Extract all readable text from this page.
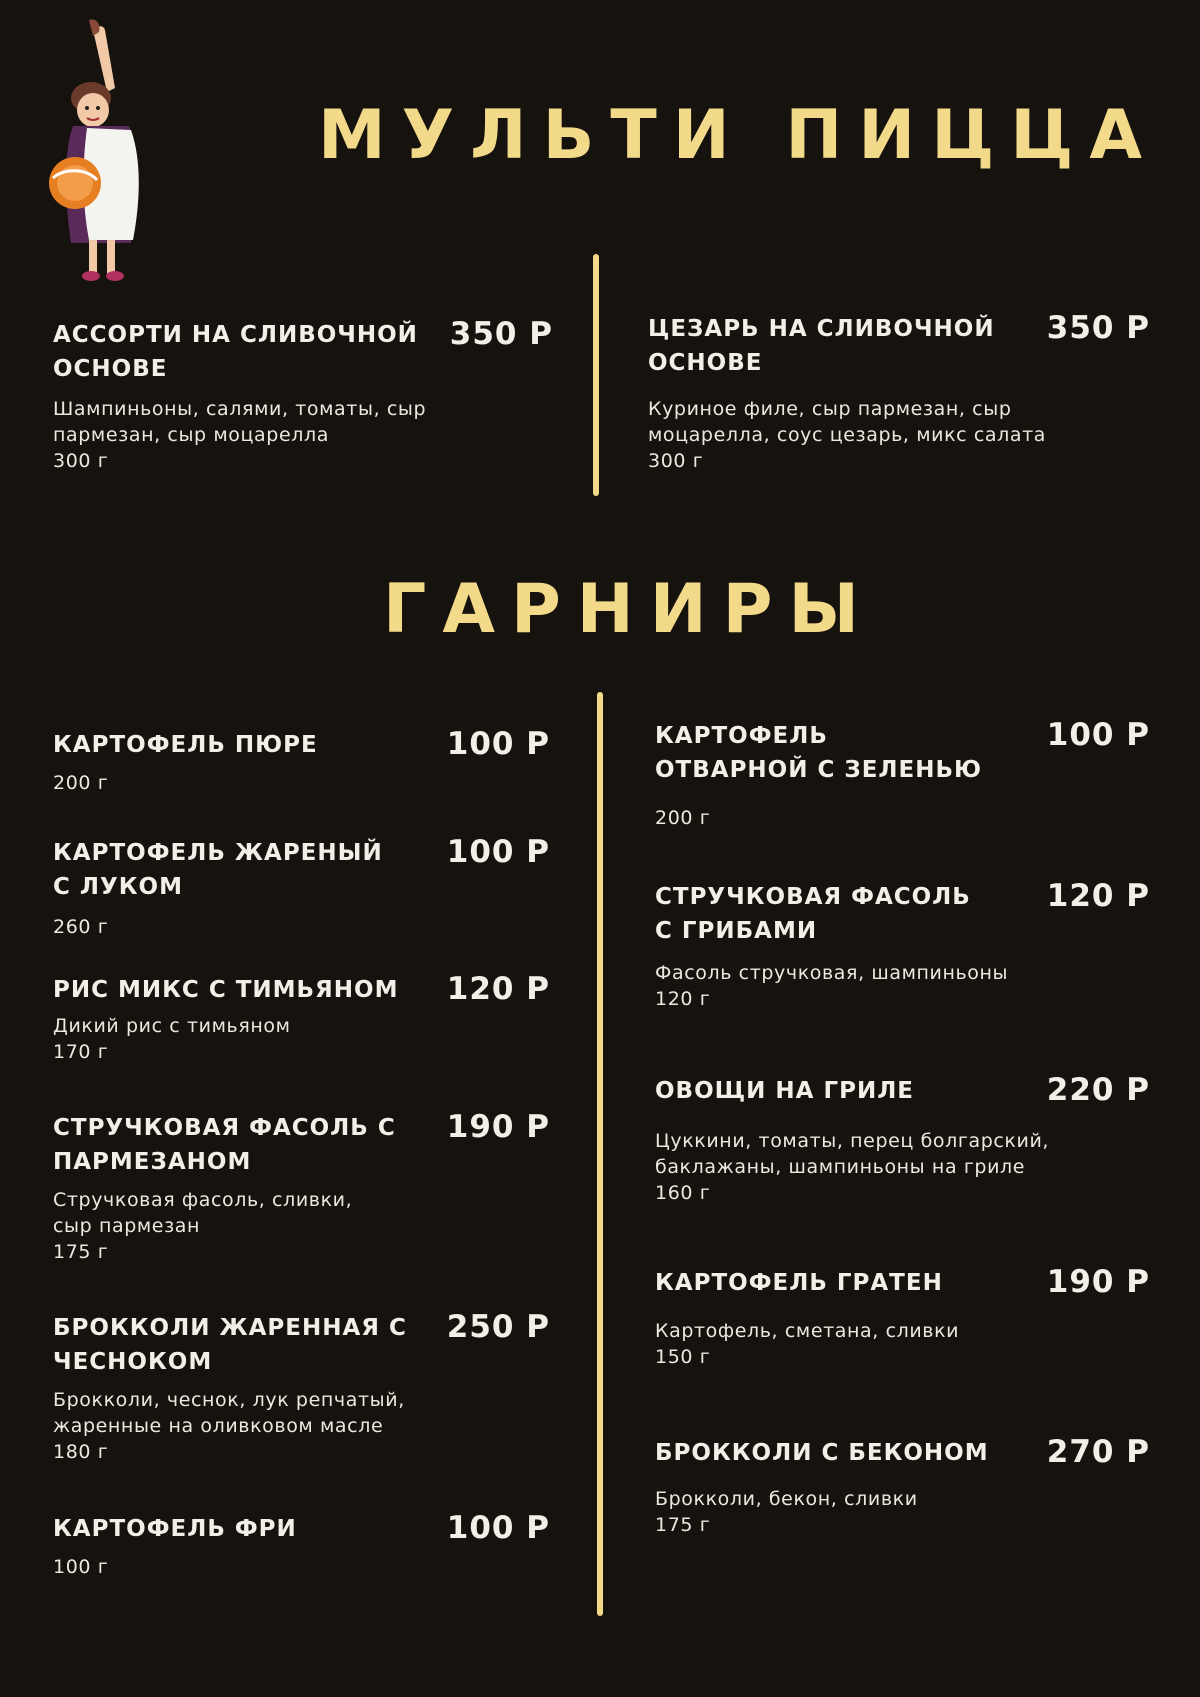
МУЛЬТИ ПИЦЦА

АССОРТИ НА СЛИВОЧНОЙ ОСНОВЕ

350 Р

Шампиньоны, салями, томаты, сыр пармезан, сыр моцарелла

300 г

ЦЕЗАРЬ НА СЛИВОЧНОЙ ОСНОВЕ

350 Р

Куриное филе, сыр пармезан, сыр моцарелла, соус цезарь, микс салата

300 г
ГАРНИРЫ

КАРТОФЕЛЬ ПЮРЕ	100 Р
200 г

КАРТОФЕЛЬ ЖАРЕНЫЙ С ЛУКОМ

100 Р
260 г

РИС МИКС С ТИМЬЯНОМ	120 Р

Дикий рис с тимьяном

170 г

СТРУЧКОВАЯ ФАСОЛЬ С ПАРМЕЗАНОМ

190 Р

Стручковая фасоль, сливки, сыр пармезан

175 г

БРОККОЛИ ЖАРЕННАЯ С ЧЕСНОКОМ

250 Р

Брокколи, чеснок, лук репчатый, жаренные на оливковом масле

180 г

КАРТОФЕЛЬ ФРИ	100 Р
100 г

КАРТОФЕЛЬ ОТВАРНОЙ С ЗЕЛЕНЬЮ

100 Р
200 г

СТРУЧКОВАЯ ФАСОЛЬ С ГРИБАМИ

120 Р

Фасоль стручковая, шампиньоны

120 г

ОВОЩИ НА ГРИЛЕ	220 Р

Цуккини, томаты, перец болгарский, баклажаны, шампиньоны на гриле

160 г

КАРТОФЕЛЬ ГРАТЕН	190 Р

Картофель, сметана, сливки

150 г

БРОККОЛИ С БЕКОНОМ	270 Р

Брокколи, бекон, сливки

175 г
